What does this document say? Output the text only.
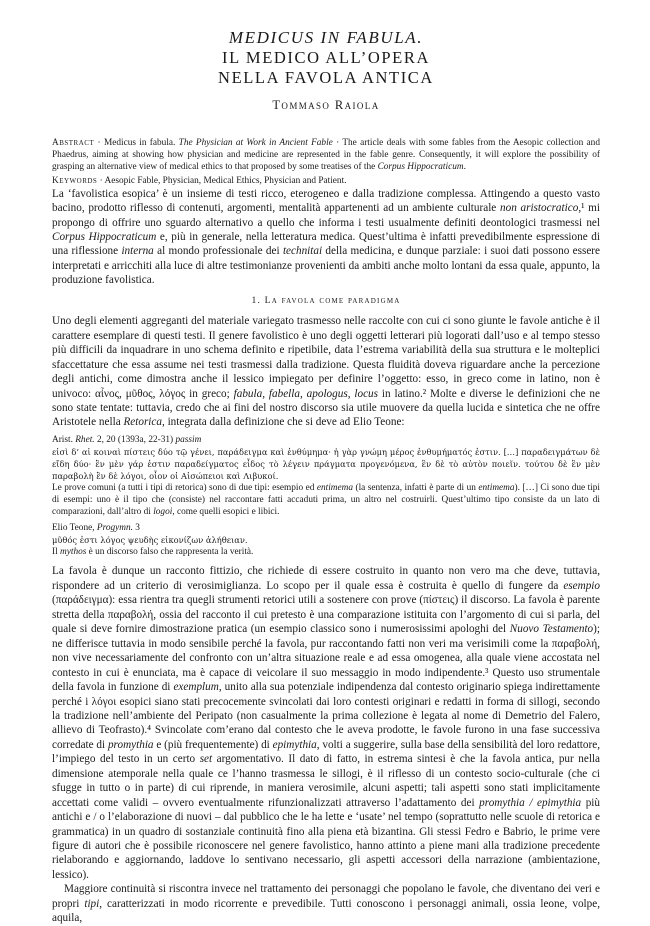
MEDICUS IN FABULA.
IL MEDICO ALL’OPERA
NELLA FAVOLA ANTICA
Tommaso Raiola
Abstract · Medicus in fabula. The Physician at Work in Ancient Fable · The article deals with some fables from the Aesopic collection and Phaedrus, aiming at showing how physician and medicine are represented in the fable genre. Consequently, it will explore the possibility of grasping an alternative view of medical ethics to that proposed by some treatises of the Corpus Hippocraticum.
Keywords · Aesopic Fable, Physician, Medical Ethics, Physician and Patient.

La ‘favolistica esopica’ è un insieme di testi ricco, eterogeneo e dalla tradizione complessa. Attingendo a questo vasto bacino, prodotto riflesso di contenuti, argomenti, mentalità appartenenti ad un ambiente culturale non aristocratico,¹ mi propongo di offrire uno sguardo alternativo a quello che informa i testi usualmente definiti deontologici trasmessi nel Corpus Hippocraticum e, più in generale, nella letteratura medica. Quest’ultima è infatti prevedibilmente espressione di una riflessione interna al mondo professionale dei technitai della medicina, e dunque parziale: i suoi dati possono essere interpretati e arricchiti alla luce di altre testimonianze provenienti da ambiti anche molto lontani da essa quale, appunto, la produzione favolistica.

1. La favola come paradigma

Uno degli elementi aggreganti del materiale variegato trasmesso nelle raccolte con cui ci sono giunte le favole antiche è il carattere esemplare di questi testi. Il genere favolistico è uno degli oggetti letterari più logorati dall’uso e al tempo stesso più difficili da inquadrare in uno schema definito e ripetibile, data l’estrema variabilità della sua struttura e le molteplici sfaccettature che essa assume nei testi trasmessi dalla tradizione. Questa fluidità doveva riguardare anche la percezione degli antichi, come dimostra anche il lessico impiegato per definire l’oggetto: esso, in greco come in latino, non è univoco: αἶνος, μῦθος, λόγος in greco; fabula, fabella, apologus, locus in latino.² Molte e diverse le definizioni che ne sono state tentate: tuttavia, credo che ai fini del nostro discorso sia utile muovere da quella lucida e sintetica che ne offre Aristotele nella Retorica, integrata dalla definizione che si deve ad Elio Teone:

Arist. Rhet. 2, 20 (1393a, 22-31) passim
εἰσὶ δ’ αἱ κοιναὶ πίστεις δύο τῷ γένει, παράδειγμα καὶ ἐνθύμημα· ἡ γὰρ γνώμη μέρος ἐνθυμήματός ἐστιν. […] παραδειγμάτων δὲ εἴδη δύο· ἓν μὲν γάρ ἐστιν παραδείγματος εἶδος τὸ λέγειν πράγματα προγενόμενα, ἓν δὲ τὸ αὐτὸν ποιεῖν. τούτου δὲ ἓν μὲν παραβολὴ ἓν δὲ λόγοι, οἷον οἱ Αἰσώπειοι καὶ Λιβυκοί.
Le prove comuni (a tutti i tipi di retorica) sono di due tipi: esempio ed entimema (la sentenza, infatti è parte di un entimema). […] Ci sono due tipi di esempi: uno è il tipo che (consiste) nel raccontare fatti accaduti prima, un altro nel costruirli. Quest’ultimo tipo consiste da un lato di comparazioni, dall’altro di logoi, come quelli esopici e libici.
Elio Teone, Progymn. 3
μῦθός ἐστι λόγος ψευδὴς εἰκονίζων ἀλήθειαν.
Il mythos è un discorso falso che rappresenta la verità.

La favola è dunque un racconto fittizio, che richiede di essere costruito in quanto non vero ma che deve, tuttavia, rispondere ad un criterio di verosimiglianza. Lo scopo per il quale essa è costruita è quello di fungere da esempio (παράδειγμα): essa rientra tra quegli strumenti retorici utili a sostenere con prove (πίστεις) il discorso. La favola è parente stretta della παραβολή, ossia del racconto il cui pretesto è una comparazione istituita con l’argomento di cui si parla, del quale si deve fornire dimostrazione pratica (un esempio classico sono i numerosissimi apologhi del Nuovo Testamento); ne differisce tuttavia in modo sensibile perché la favola, pur raccontando fatti non veri ma verisimili come la παραβολή, non vive necessariamente del confronto con un’altra situazione reale e ad essa omogenea, alla quale viene accostata nel contesto in cui è enunciata, ma è capace di veicolare il suo messaggio in modo indipendente.³ Questo uso strumentale della favola in funzione di exemplum, unito alla sua potenziale indipendenza dal contesto originario spiega indirettamente perché i λόγοι esopici siano stati precocemente svincolati dai loro contesti originari e redatti in forma di sillogi, secondo la tradizione nell’ambiente del Peripato (non casualmente la prima collezione è legata al nome di Demetrio del Falero, allievo di Teofrasto).⁴ Svincolate com’erano dal contesto che le aveva prodotte, le favole furono in una fase successiva corredate di promythia e (più frequentemente) di epimythia, volti a suggerire, sulla base della sensibilità del loro redattore, l’impiego del testo in un certo set argomentativo. Il dato di fatto, in estrema sintesi è che la favola antica, pur nella dimensione atemporale nella quale ce l’hanno trasmessa le sillogi, è il riflesso di un contesto socio-culturale (che ci sfugge in tutto o in parte) di cui riprende, in maniera verosimile, alcuni aspetti; tali aspetti sono stati implicitamente accettati come validi – ovvero eventualmente rifunzionalizzati attraverso l’adattamento dei promythia / epimythia più antichi e / o l’elaborazione di nuovi – dal pubblico che le ha lette e ‘usate’ nel tempo (soprattutto nelle scuole di retorica e grammatica) in un quadro di sostanziale continuità fino alla piena età bizantina. Gli stessi Fedro e Babrio, le prime vere figure di autori che è possibile riconoscere nel genere favolistico, hanno attinto a piene mani alla tradizione precedente rielaborando e aggiornando, laddove lo sentivano necessario, gli aspetti accessori della narrazione (ambientazione, lessico).

Maggiore continuità si riscontra invece nel trattamento dei personaggi che popolano le favole, che diventano dei veri e propri tipi, caratterizzati in modo ricorrente e prevedibile. Tutti conoscono i personaggi animali, ossia leone, volpe, aquila,
